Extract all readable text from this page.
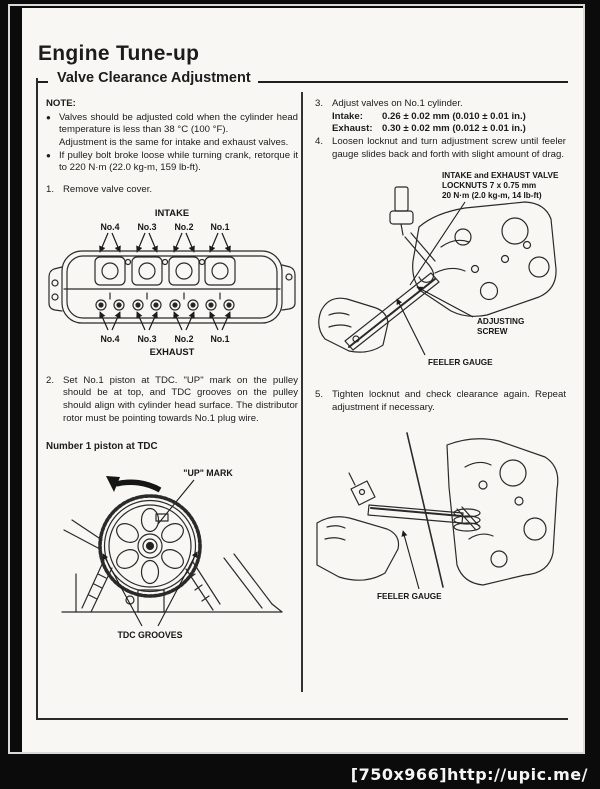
Engine Tune-up
Valve Clearance Adjustment
NOTE:
● Valves should be adjusted cold when the cylinder head temperature is less than 38 °C (100 °F).
Adjustment is the same for intake and exhaust valves.
● If pulley bolt broke loose while turning crank, retorque it to 220 N·m (22.0 kg-m, 159 lb-ft).
1. Remove valve cover.
INTAKE
No.4 No.3 No.2 No.1
No.4 No.3 No.2 No.1
EXHAUST
2. Set No.1 piston at TDC. "UP" mark on the pulley should be at top, and TDC grooves on the pulley should align with cylinder head surface. The distributor rotor must be pointing towards No.1 plug wire.
Number 1 piston at TDC
"UP" MARK
TDC GROOVES
3. Adjust valves on No.1 cylinder.
Intake:	0.26 ± 0.02 mm (0.010 ± 0.01 in.)
Exhaust: 0.30 ± 0.02 mm (0.012 ± 0.01 in.)
4. Loosen locknut and turn adjustment screw until feeler gauge slides back and forth with slight amount of drag.
INTAKE and EXHAUST VALVE
LOCKNUTS 7 x 0.75 mm
20 N·m (2.0 kg-m, 14 lb-ft)
ADJUSTING
SCREW
FEELER GAUGE
5. Tighten locknut and check clearance again. Repeat adjustment if necessary.
FEELER GAUGE
[750x966]http://upic.me/
